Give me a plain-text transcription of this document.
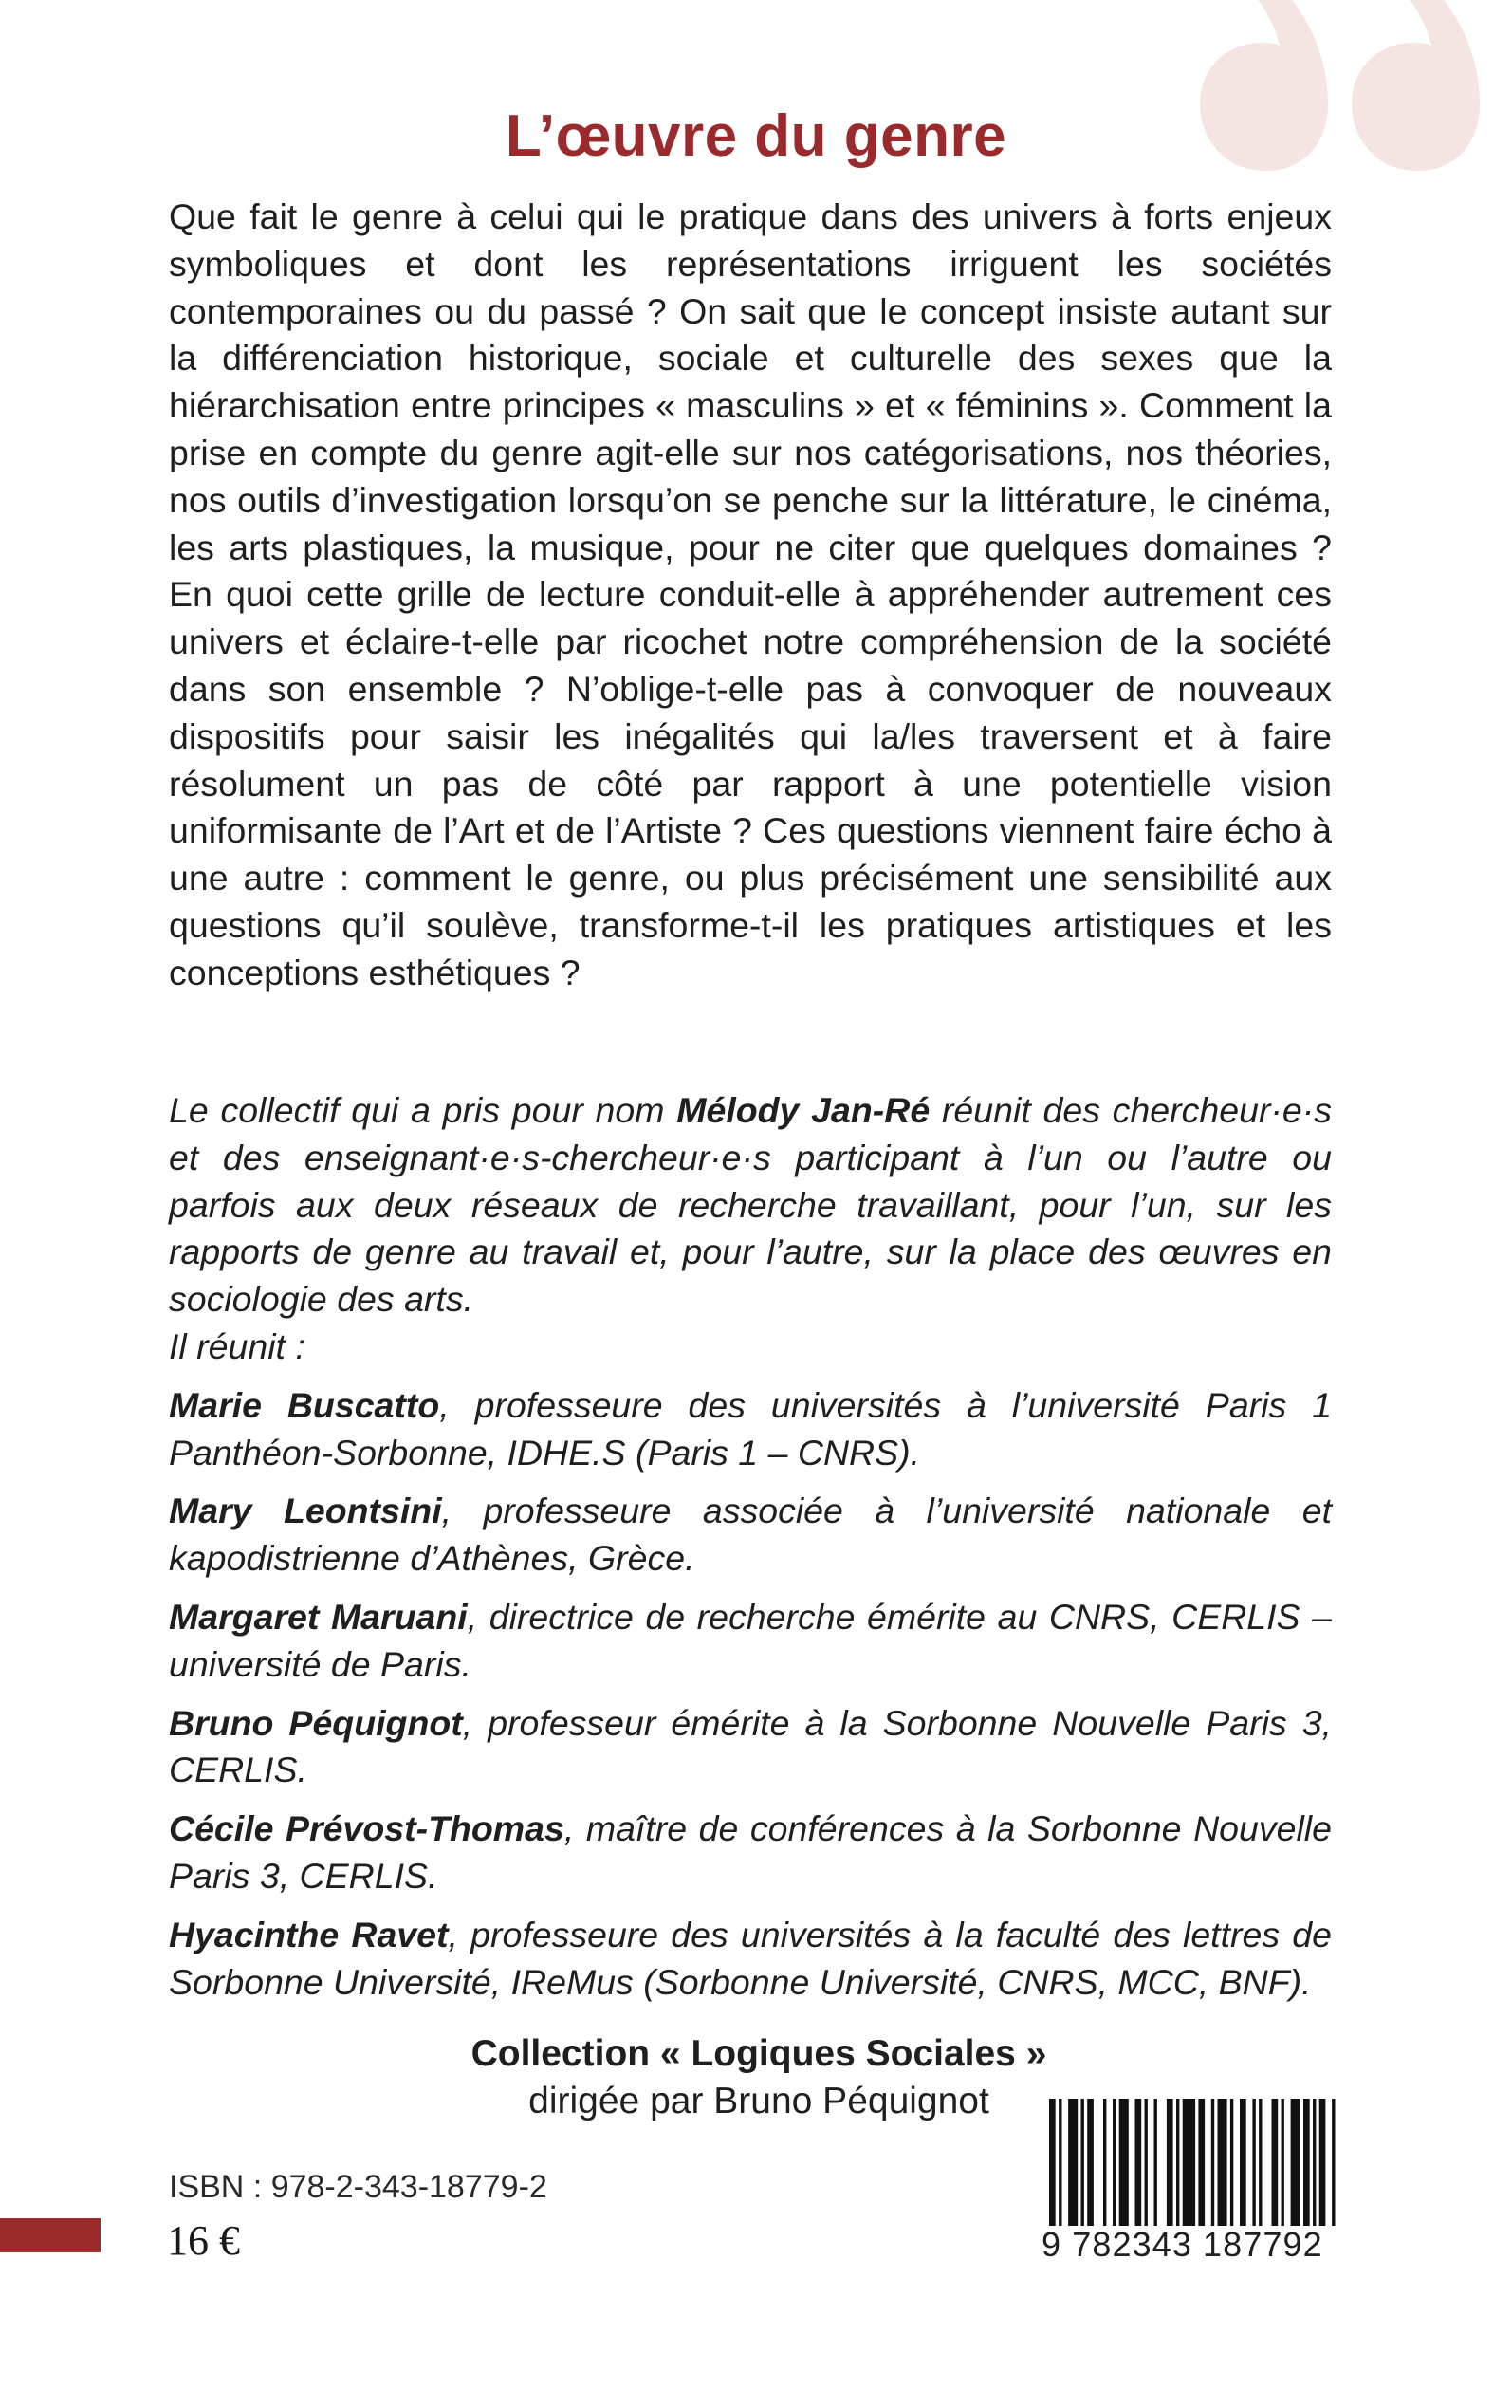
L’œuvre du genre

Que fait le genre à celui qui le pratique dans des univers à forts enjeux symboliques et dont les représentations irriguent les sociétés contemporaines ou du passé ? On sait que le concept insiste autant sur la différenciation historique, sociale et culturelle des sexes que la hiérarchisation entre principes « masculins » et « féminins ». Comment la prise en compte du genre agit-elle sur nos catégorisations, nos théories, nos outils d’investigation lorsqu’on se penche sur la littérature, le cinéma, les arts plastiques, la musique, pour ne citer que quelques domaines ? En quoi cette grille de lecture conduit-elle à appréhender autrement ces univers et éclaire-t-elle par ricochet notre compréhension de la société dans son ensemble ? N’oblige-t-elle pas à convoquer de nouveaux dispositifs pour saisir les inégalités qui la/les traversent et à faire résolument un pas de côté par rapport à une potentielle vision uniformisante de l’Art et de l’Artiste ? Ces questions viennent faire écho à une autre : comment le genre, ou plus précisément une sensibilité aux questions qu’il soulève, transforme-t-il les pratiques artistiques et les conceptions esthétiques ?

Le collectif qui a pris pour nom Mélody Jan-Ré réunit des chercheur·e·s et des enseignant·e·s-chercheur·e·s participant à l’un ou l’autre ou parfois aux deux réseaux de recherche travaillant, pour l’un, sur les rapports de genre au travail et, pour l’autre, sur la place des œuvres en sociologie des arts.

Il réunit :

Marie Buscatto, professeure des universités à l’université Paris 1 Panthéon-Sorbonne, IDHE.S (Paris 1 – CNRS).

Mary Leontsini, professeure associée à l’université nationale et kapodistrienne d’Athènes, Grèce.

Margaret Maruani, directrice de recherche émérite au CNRS, CERLIS – université de Paris.

Bruno Péquignot, professeur émérite à la Sorbonne Nouvelle Paris 3, CERLIS.

Cécile Prévost-Thomas, maître de conférences à la Sorbonne Nouvelle Paris 3, CERLIS.

Hyacinthe Ravet, professeure des universités à la faculté des lettres de Sorbonne Université, IReMus (Sorbonne Université, CNRS, MCC, BNF).

Collection « Logiques Sociales »
dirigée par Bruno Péquignot
ISBN : 978-2-343-18779-2
16 €	9 782343 187792
